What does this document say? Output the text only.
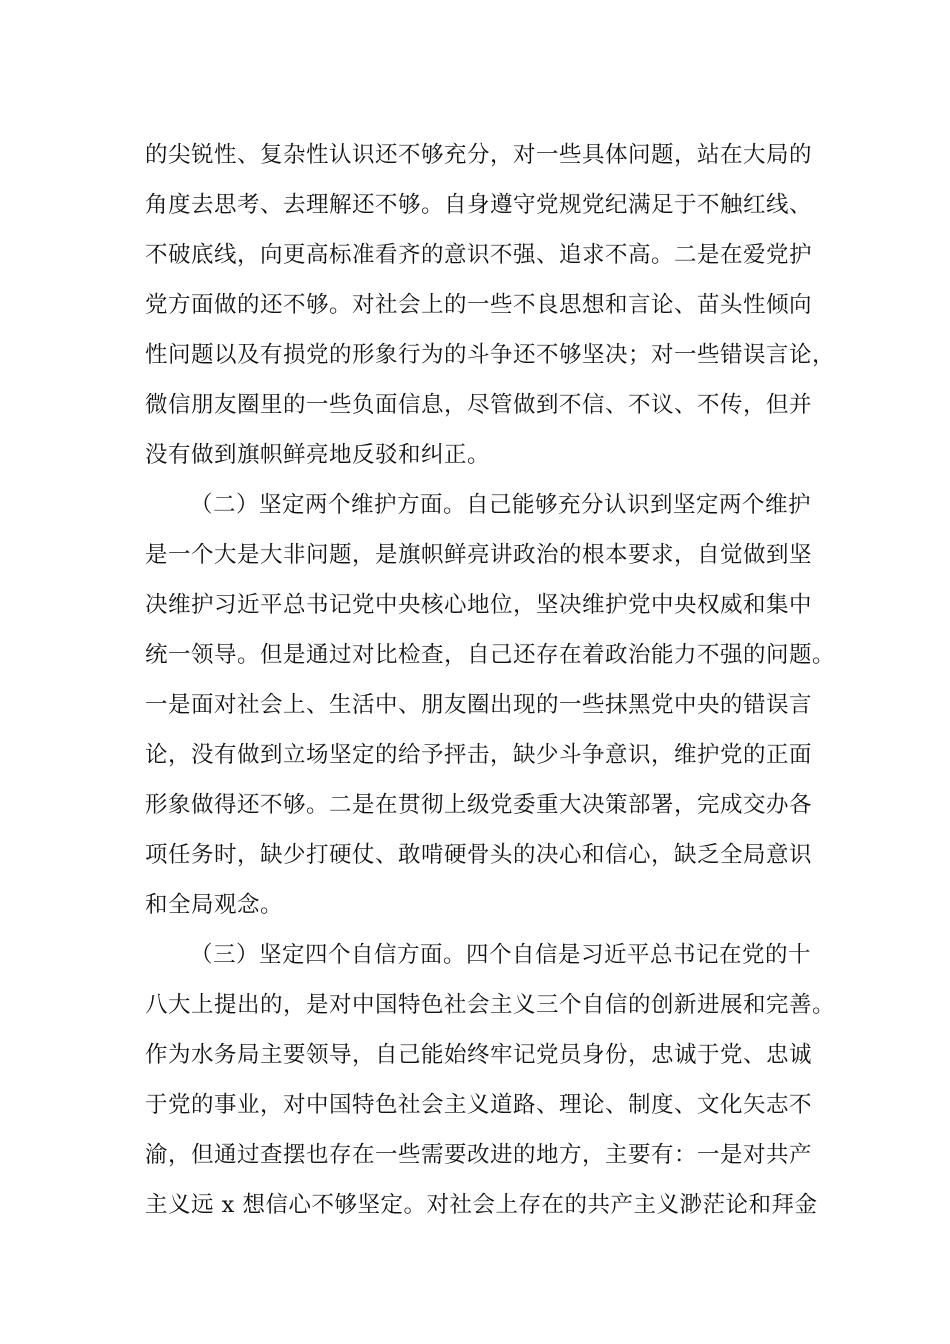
的尖锐性、复杂性认识还不够充分，对一些具体问题，站在大局的
角度去思考、去理解还不够。自身遵守党规党纪满足于不触红线、
不破底线，向更高标准看齐的意识不强、追求不高。二是在爱党护
党方面做的还不够。对社会上的一些不良思想和言论、苗头性倾向
性问题以及有损党的形象行为的斗争还不够坚决；对一些错误言论，
微信朋友圈里的一些负面信息，尽管做到不信、不议、不传，但并
没有做到旗帜鲜亮地反驳和纠正。
（二）坚定两个维护方面。自己能够充分认识到坚定两个维护
是一个大是大非问题，是旗帜鲜亮讲政治的根本要求，自觉做到坚
决维护习近平总书记党中央核心地位，坚决维护党中央权威和集中
统一领导。但是通过对比检查，自己还存在着政治能力不强的问题。
一是面对社会上、生活中、朋友圈出现的一些抹黑党中央的错误言
论，没有做到立场坚定的给予抨击，缺少斗争意识，维护党的正面
形象做得还不够。二是在贯彻上级党委重大决策部署，完成交办各
项任务时，缺少打硬仗、敢啃硬骨头的决心和信心，缺乏全局意识
和全局观念。
（三）坚定四个自信方面。四个自信是习近平总书记在党的十
八大上提出的，是对中国特色社会主义三个自信的创新进展和完善。
作为水务局主要领导，自己能始终牢记党员身份，忠诚于党、忠诚
于党的事业，对中国特色社会主义道路、理论、制度、文化矢志不
渝，但通过查摆也存在一些需要改进的地方，主要有：一是对共产
主义远 x 想信心不够坚定。对社会上存在的共产主义渺茫论和拜金
